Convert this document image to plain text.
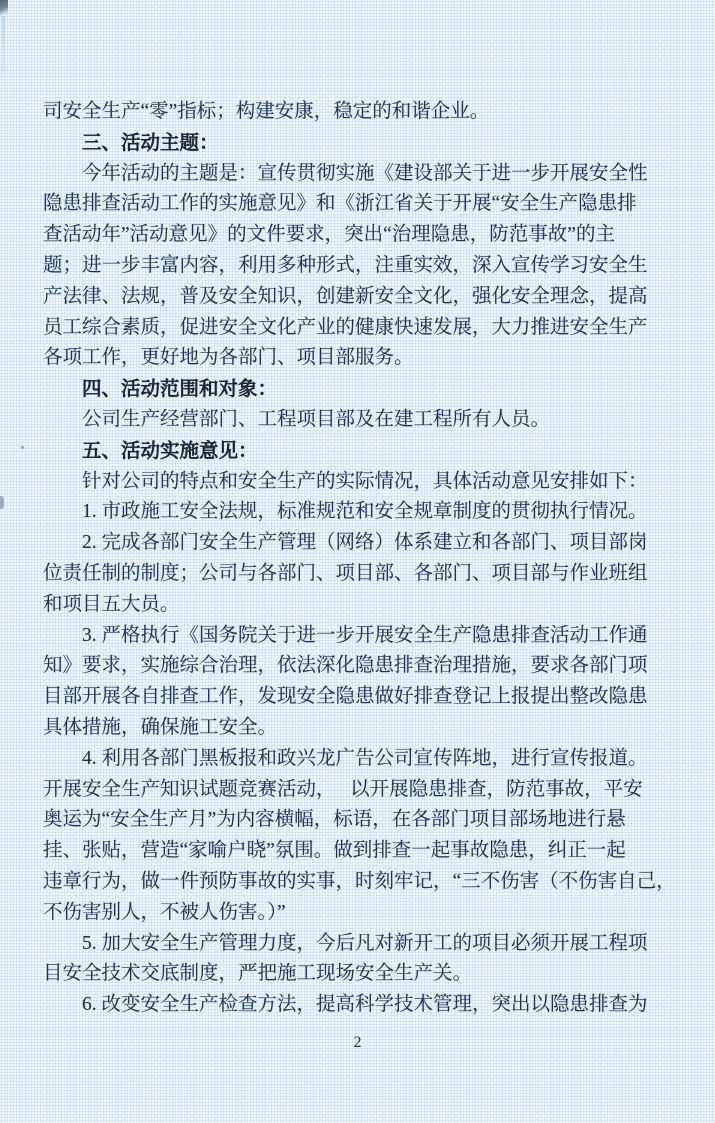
司安全生产“零”指标；构建安康，稳定的和谐企业。
三、活动主题：
今年活动的主题是：宣传贯彻实施《建设部关于进一步开展安全性
隐患排查活动工作的实施意见》和《浙江省关于开展“安全生产隐患排
查活动年”活动意见》的文件要求，突出“治理隐患，防范事故”的主
题；进一步丰富内容，利用多种形式，注重实效，深入宣传学习安全生
产法律、法规，普及安全知识，创建新安全文化，强化安全理念，提高
员工综合素质，促进安全文化产业的健康快速发展，大力推进安全生产
各项工作，更好地为各部门、项目部服务。
四、活动范围和对象：
公司生产经营部门、工程项目部及在建工程所有人员。
五、活动实施意见：
针对公司的特点和安全生产的实际情况，具体活动意见安排如下：
1. 市政施工安全法规，标准规范和安全规章制度的贯彻执行情况。
2. 完成各部门安全生产管理（网络）体系建立和各部门、项目部岗
位责任制的制度；公司与各部门、项目部、各部门、项目部与作业班组
和项目五大员。
3. 严格执行《国务院关于进一步开展安全生产隐患排查活动工作通
知》要求，实施综合治理，依法深化隐患排查治理措施，要求各部门项
目部开展各自排查工作，发现安全隐患做好排查登记上报提出整改隐患
具体措施，确保施工安全。
4. 利用各部门黑板报和政兴龙广告公司宣传阵地，进行宣传报道。
开展安全生产知识试题竞赛活动，　 以开展隐患排查，防范事故，平安
奥运为“安全生产月”为内容横幅，标语，在各部门项目部场地进行悬
挂、张贴，营造“家喻户晓”氛围。做到排查一起事故隐患，纠正一起
违章行为，做一件预防事故的实事，时刻牢记，“三不伤害（不伤害自己，
不伤害别人，不被人伤害。）”
5. 加大安全生产管理力度，今后凡对新开工的项目必须开展工程项
目安全技术交底制度，严把施工现场安全生产关。
6. 改变安全生产检查方法，提高科学技术管理，突出以隐患排查为
2
